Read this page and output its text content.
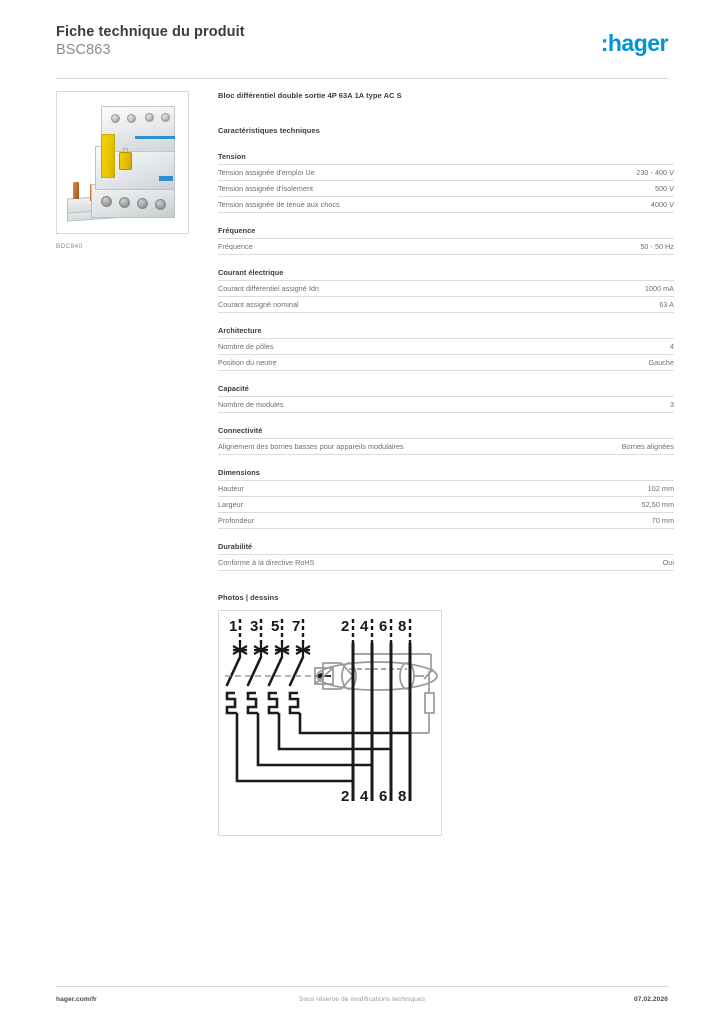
Fiche technique du produit
BSC863	:hager
BDC840
Bloc différentiel double sortie 4P 63A 1A type AC S
Caractéristiques techniques
Tension
Tension assignée d'emploi Ue	230 - 400 V
Tension assignée d'isolement	500 V
Tension assignée de tenue aux chocs	4000 V
Fréquence
Fréquence	50 - 50 Hz
Courant électrique
Courant différentiel assigné Idn	1000 mA
Courant assigné nominal	63 A
Architecture
Nombre de pôles	4
Position du neutre	Gauche
Capacité
Nombre de modules	3
Connectivité
Alignement des bornes basses pour appareils modulaires	Bornes alignées
Dimensions
Hauteur	102 mm
Largeur	52,50 mm
Profondeur	70 mm
Durabilité
Conforme à la directive RoHS	Oui
Photos | dessins
1 3 5 7	2 4 6 8
2 4 6 8
hager.com/fr	Sous réserve de modifications techniques	07.02.2026
